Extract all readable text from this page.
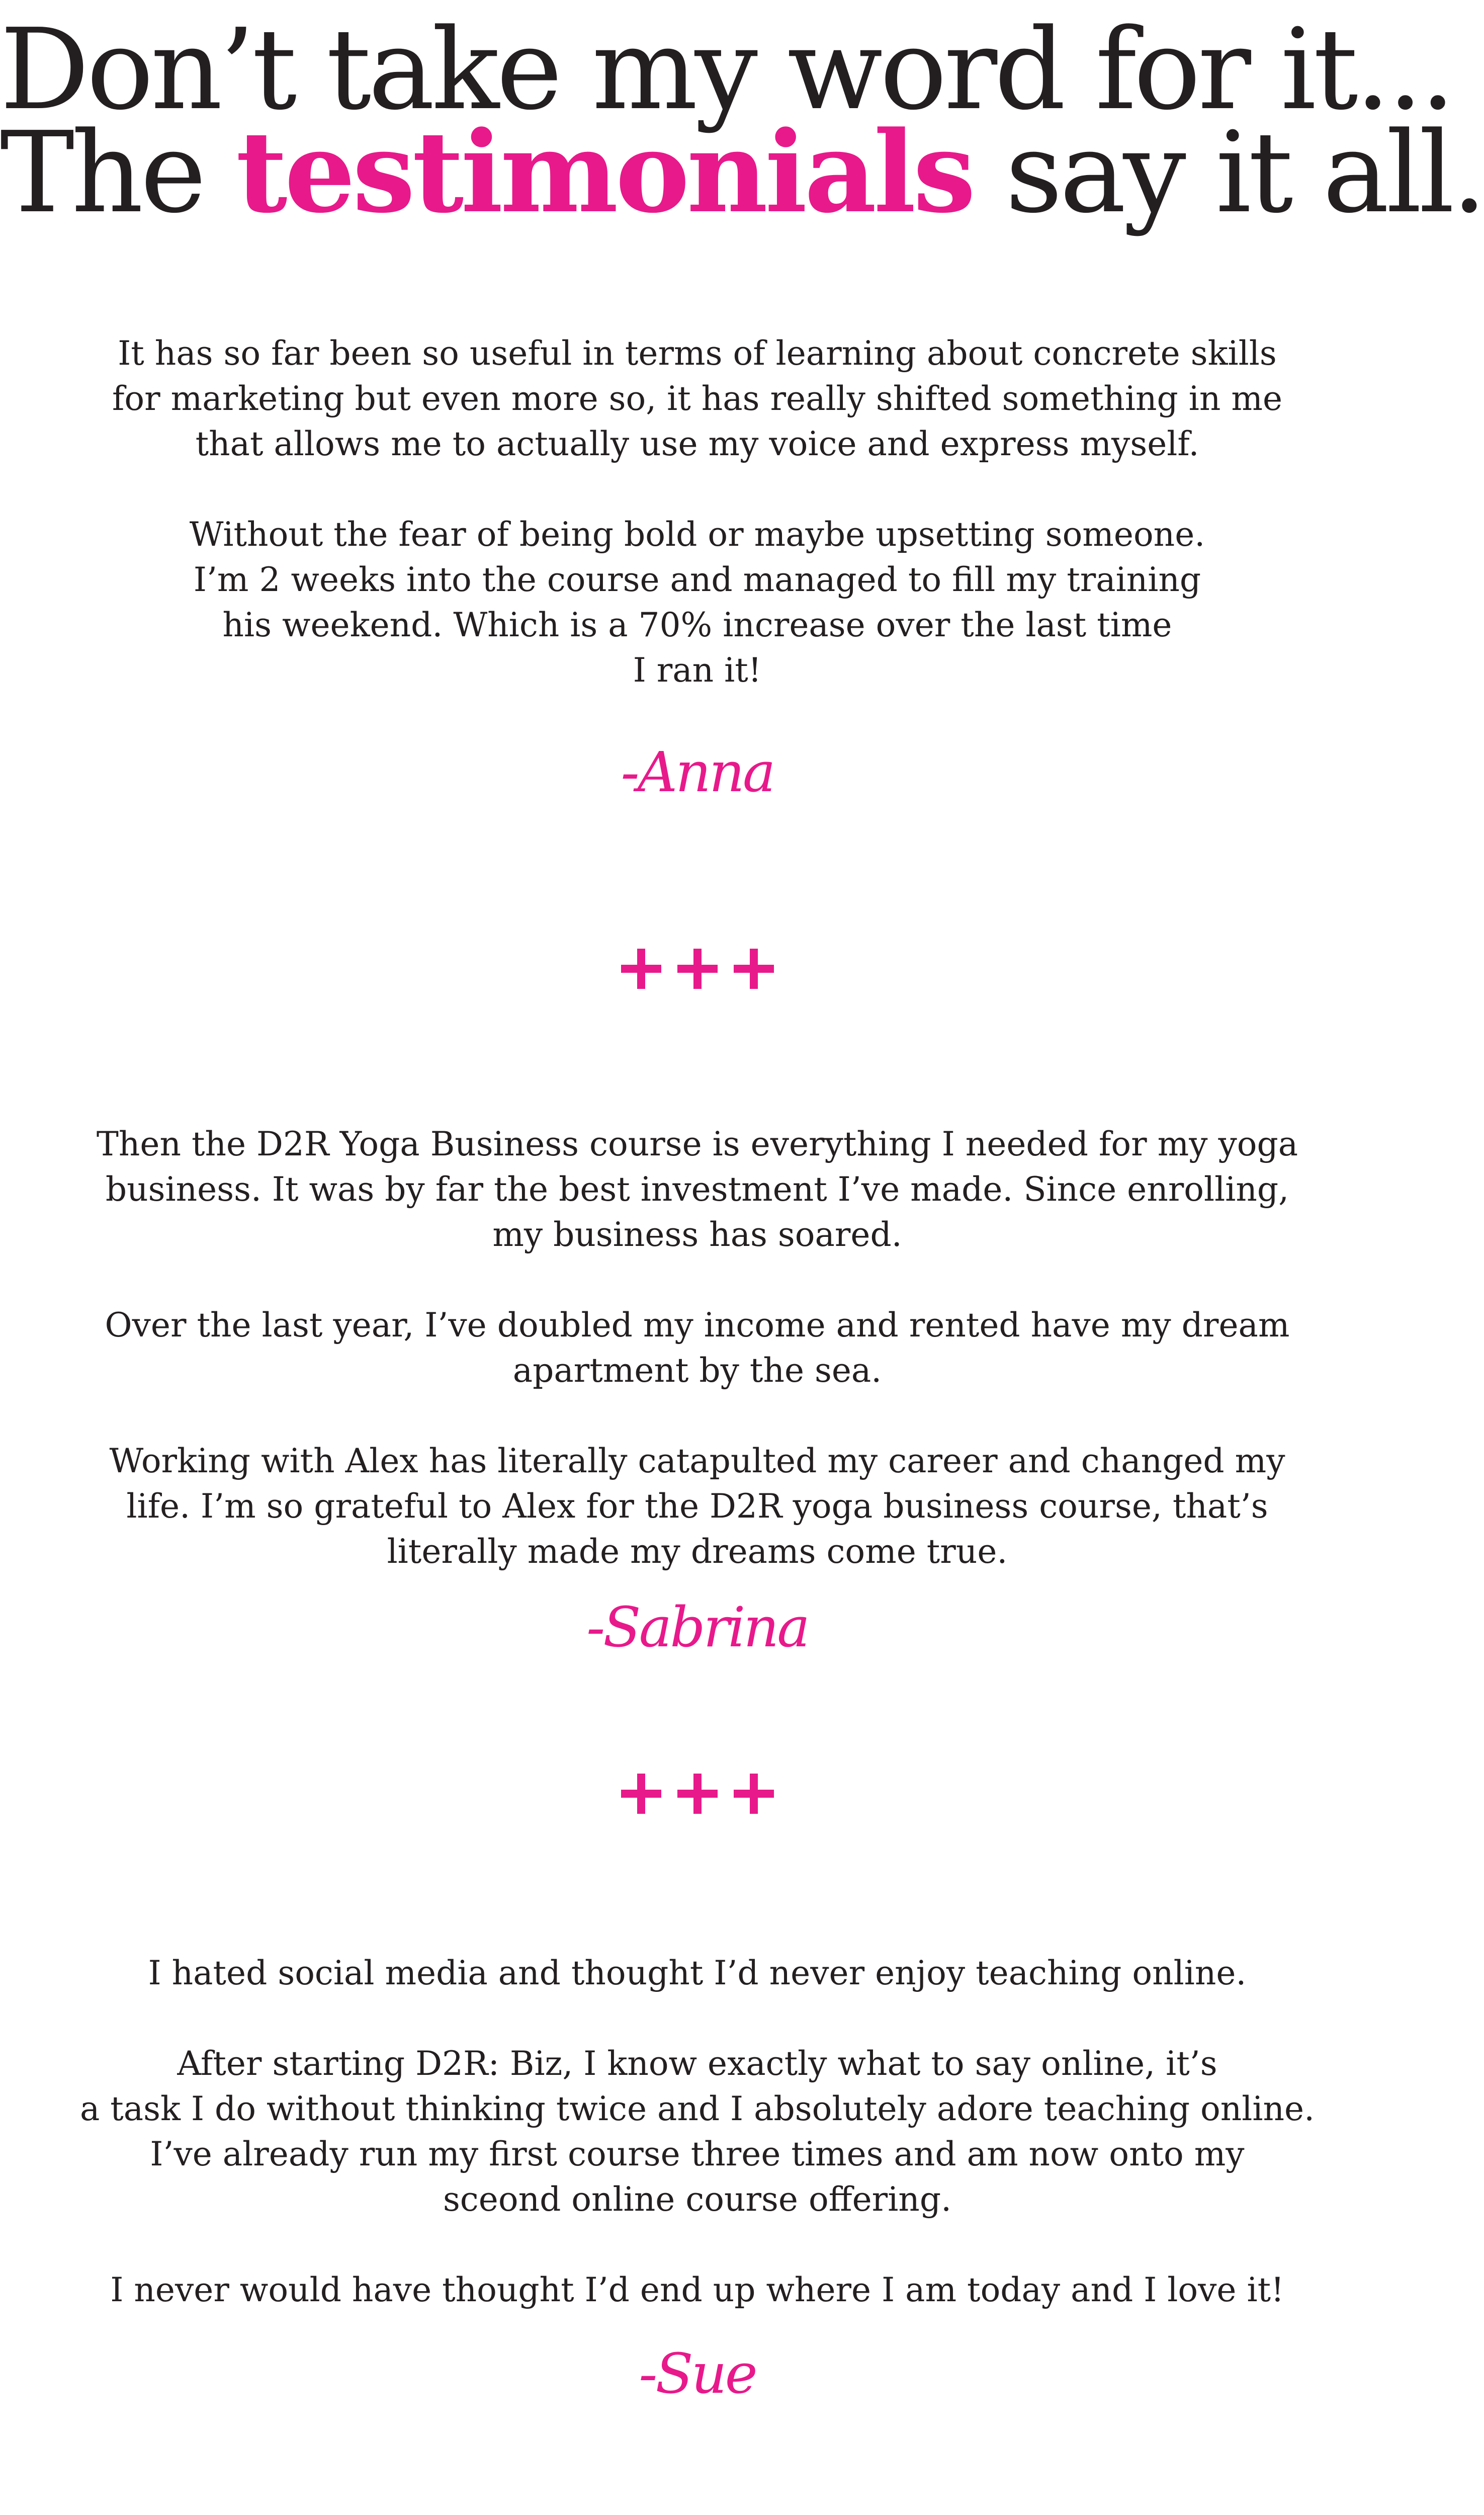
Don’t take my word for it...
The testimonials say it all.
It has so far been so useful in terms of learning about concrete skills
for marketing but even more so, it has really shifted something in me
that allows me to actually use my voice and express myself.
Without the fear of being bold or maybe upsetting someone.
I’m 2 weeks into the course and managed to fill my training
his weekend. Which is a 70% increase over the last time
I ran it!
-Anna
Then the D2R Yoga Business course is everything I needed for my yoga
business. It was by far the best investment I’ve made. Since enrolling,
my business has soared.
Over the last year, I’ve doubled my income and rented have my dream
apartment by the sea.
Working with Alex has literally catapulted my career and changed my
life. I’m so grateful to Alex for the D2R yoga business course, that’s
literally made my dreams come true.
-Sabrina
I hated social media and thought I’d never enjoy teaching online.
After starting D2R: Biz, I know exactly what to say online, it’s
a task I do without thinking twice and I absolutely adore teaching online.
I’ve already run my first course three times and am now onto my
sceond online course offering.
I never would have thought I’d end up where I am today and I love it!
-Sue
